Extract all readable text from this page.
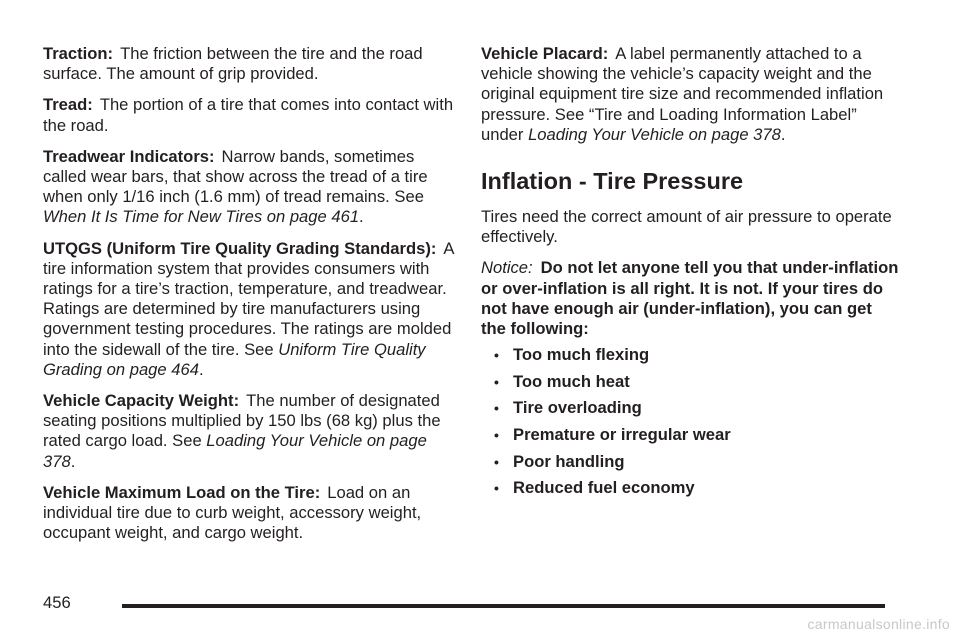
Traction: The friction between the tire and the road surface. The amount of grip provided.

Tread: The portion of a tire that comes into contact with the road.

Treadwear Indicators: Narrow bands, sometimes called wear bars, that show across the tread of a tire when only 1/16 inch (1.6 mm) of tread remains. See When It Is Time for New Tires on page 461.

UTQGS (Uniform Tire Quality Grading Standards): A tire information system that provides consumers with ratings for a tire’s traction, temperature, and treadwear. Ratings are determined by tire manufacturers using government testing procedures. The ratings are molded into the sidewall of the tire. See Uniform Tire Quality Grading on page 464.

Vehicle Capacity Weight: The number of designated seating positions multiplied by 150 lbs (68 kg) plus the rated cargo load. See Loading Your Vehicle on page 378.

Vehicle Maximum Load on the Tire: Load on an individual tire due to curb weight, accessory weight, occupant weight, and cargo weight.

Vehicle Placard: A label permanently attached to a vehicle showing the vehicle’s capacity weight and the original equipment tire size and recommended inflation pressure. See “Tire and Loading Information Label” under Loading Your Vehicle on page 378.

Inflation - Tire Pressure

Tires need the correct amount of air pressure to operate effectively.

Notice: Do not let anyone tell you that under-inflation or over-inflation is all right. It is not. If your tires do not have enough air (under-inflation), you can get the following:

• Too much flexing
• Too much heat
• Tire overloading
• Premature or irregular wear
• Poor handling
• Reduced fuel economy
456
carmanualsonline.info
